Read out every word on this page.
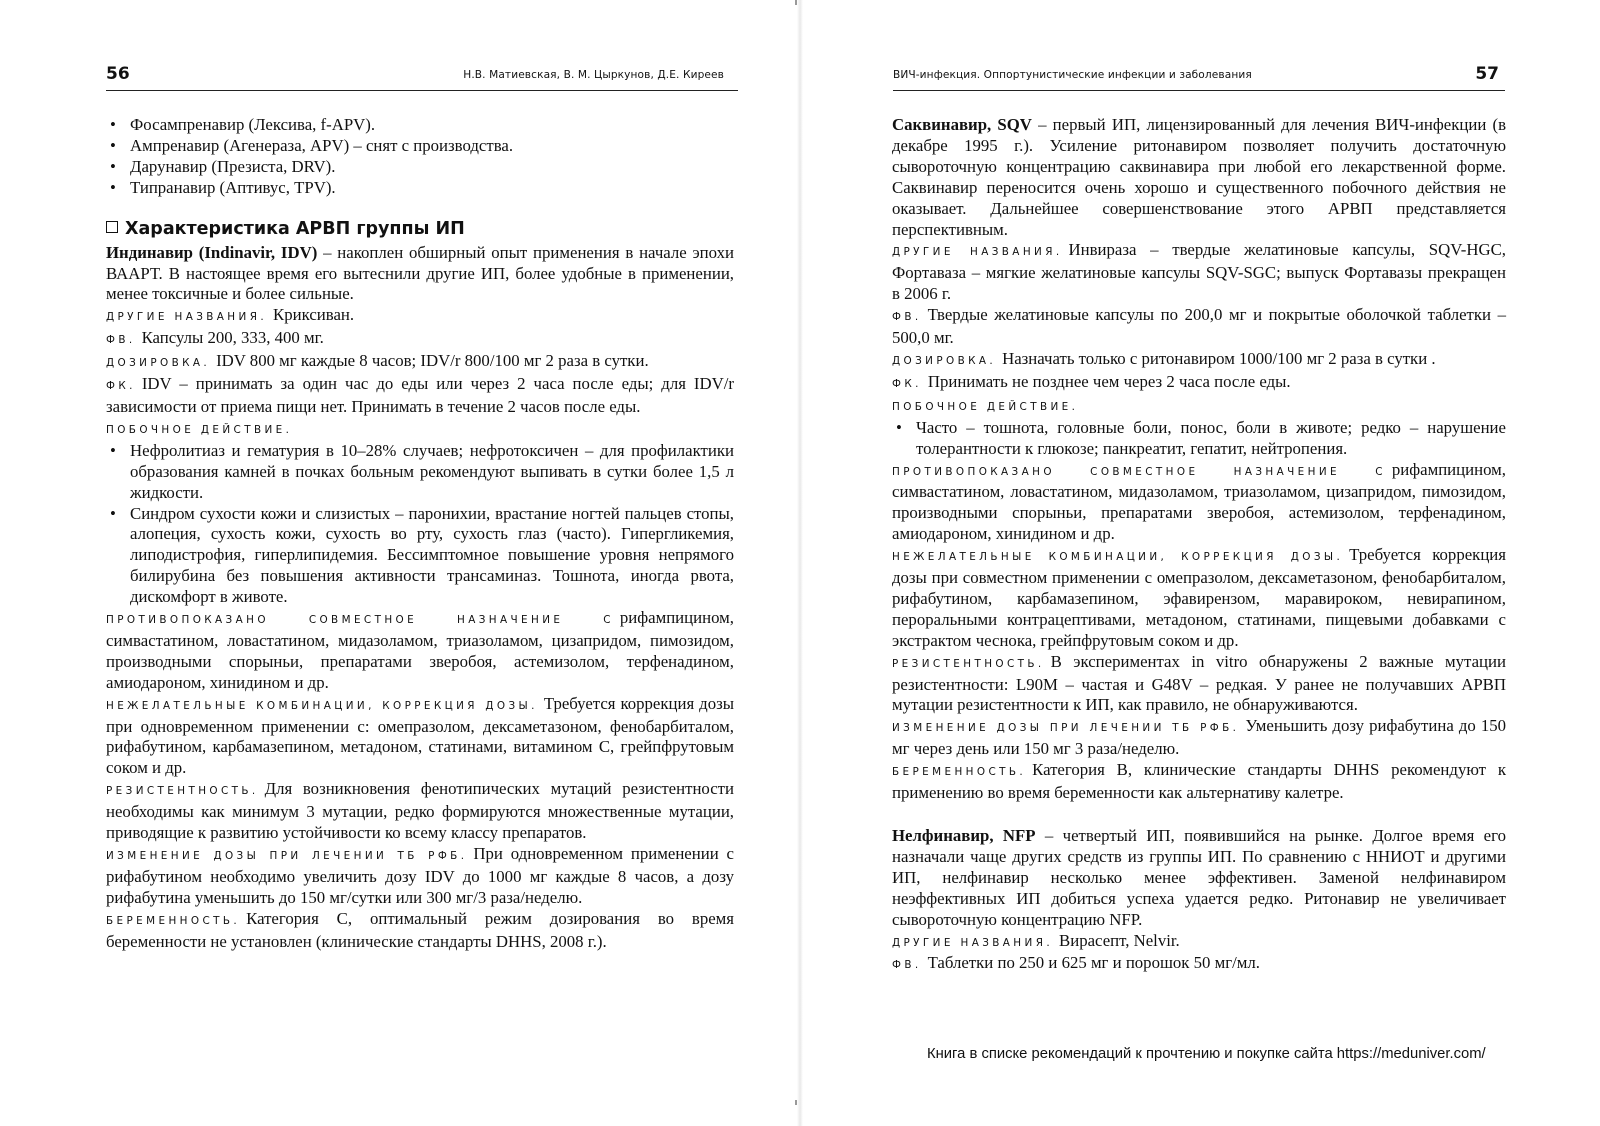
56	Н.В. Матиевская, В. М. Цыркунов, Д.Е. Киреев
• Фосампренавир (Лексива, f-APV).
• Ампренавир (Агенераза, APV) – снят с производства.
• Дарунавир (Презиста, DRV).
• Типранавир (Аптивус, TPV).
Характеристика АРВП группы ИП

Индинавир (Indinavir, IDV) – накоплен обширный опыт применения в начале эпохи ВААРТ. В настоящее время его вытеснили другие ИП, более удобные в применении, менее токсичные и более сильные.

ДРУГИЕ НАЗВАНИЯ. Криксиван.

ФВ. Капсулы 200, 333, 400 мг.

ДОЗИРОВКА. IDV 800 мг каждые 8 часов; IDV/r 800/100 мг 2 раза в сутки.

ФК. IDV – принимать за один час до еды или через 2 часа после еды; для IDV/r зависимости от приема пищи нет. Принимать в течение 2 часов после еды.

ПОБОЧНОЕ ДЕЙСТВИЕ.

• Нефролитиаз и гематурия в 10–28% случаев; нефротоксичен – для профилактики образования камней в почках больным рекомендуют выпивать в сутки более 1,5 л жидкости.
• Синдром сухости кожи и слизистых – паронихии, врастание ногтей пальцев стопы, алопеция, сухость кожи, сухость во рту, сухость глаз (часто). Гипергликемия, липодистрофия, гиперлипидемия. Бессимптомное повышение уровня непрямого билирубина без повышения активности трансаминаз. Тошнота, иногда рвота, дискомфорт в животе.

ПРОТИВОПОКАЗАНО СОВМЕСТНОЕ НАЗНАЧЕНИЕ С рифампицином, симвастатином, ловастатином, мидазоламом, триазоламом, цизапридом, пимозидом, производными спорыньи, препаратами зверобоя, астемизолом, терфенадином, амиодароном, хинидином и др.

НЕЖЕЛАТЕЛЬНЫЕ КОМБИНАЦИИ, КОРРЕКЦИЯ ДОЗЫ. Требуется коррекция дозы при одновременном применении с: омепразолом, дексаметазоном, фенобарбиталом, рифабутином, карбамазепином, метадоном, статинами, витамином С, грейпфрутовым соком и др.

РЕЗИСТЕНТНОСТЬ. Для возникновения фенотипических мутаций резистентности необходимы как минимум 3 мутации, редко формируются множественные мутации, приводящие к развитию устойчивости ко всему классу препаратов.

ИЗМЕНЕНИЕ ДОЗЫ ПРИ ЛЕЧЕНИИ ТБ РФБ. При одновременном применении с рифабутином необходимо увеличить дозу IDV до 1000 мг каждые 8 часов, а дозу рифабутина уменьшить до 150 мг/сутки или 300 мг/3 раза/неделю.

БЕРЕМЕННОСТЬ. Категория С, оптимальный режим дозирования во время беременности не установлен (клинические стандарты DHHS, 2008 г.).

ВИЧ-инфекция. Оппортунистические инфекции и заболевания	57

Саквинавир, SQV – первый ИП, лицензированный для лечения ВИЧ-инфекции (в декабре 1995 г.). Усиление ритонавиром позволяет получить достаточную сывороточную концентрацию саквинавира при любой его лекарственной форме. Саквинавир переносится очень хорошо и существенного побочного действия не оказывает. Дальнейшее совершенствование этого АРВП представляется перспективным.

ДРУГИЕ НАЗВАНИЯ. Инвираза – твердые желатиновые капсулы, SQV-HGC, Фортаваза – мягкие желатиновые капсулы SQV-SGC; выпуск Фортавазы прекращен в 2006 г.

ФВ. Твердые желатиновые капсулы по 200,0 мг и покрытые оболочкой таблетки – 500,0 мг.

ДОЗИРОВКА. Назначать только с ритонавиром 1000/100 мг 2 раза в сутки .

ФК. Принимать не позднее чем через 2 часа после еды.

ПОБОЧНОЕ ДЕЙСТВИЕ.

• Часто – тошнота, головные боли, понос, боли в животе; редко – нарушение толерантности к глюкозе; панкреатит, гепатит, нейтропения.

ПРОТИВОПОКАЗАНО СОВМЕСТНОЕ НАЗНАЧЕНИЕ С рифампицином, симвастатином, ловастатином, мидазоламом, триазоламом, цизапридом, пимозидом, производными спорыньи, препаратами зверобоя, астемизолом, терфенадином, амиодароном, хинидином и др.

НЕЖЕЛАТЕЛЬНЫЕ КОМБИНАЦИИ, КОРРЕКЦИЯ ДОЗЫ. Требуется коррекция дозы при совместном применении с омепразолом, дексаметазоном, фенобарбиталом, рифабутином, карбамазепином, эфавирензом, маравироком, невирапином, пероральными контрацептивами, метадоном, статинами, пищевыми добавками с экстрактом чеснока, грейпфрутовым соком и др.

РЕЗИСТЕНТНОСТЬ. В экспериментах in vitro обнаружены 2 важные мутации резистентности: L90M – частая и G48V – редкая. У ранее не получавших АРВП мутации резистентности к ИП, как правило, не обнаруживаются.

ИЗМЕНЕНИЕ ДОЗЫ ПРИ ЛЕЧЕНИИ ТБ РФБ. Уменьшить дозу рифабутина до 150 мг через день или 150 мг 3 раза/неделю.

БЕРЕМЕННОСТЬ. Категория В, клинические стандарты DHHS рекомендуют к применению во время беременности как альтернативу калетре.

Нелфинавир, NFP – четвертый ИП, появившийся на рынке. Долгое время его назначали чаще других средств из группы ИП. По сравнению с ННИОТ и другими ИП, нелфинавир несколько менее эффективен. Заменой нелфинавиром неэффективных ИП добиться успеха удается редко. Ритонавир не увеличивает сывороточную концентрацию NFP.

ДРУГИЕ НАЗВАНИЯ. Вирасепт, Nelvir.

ФВ. Таблетки по 250 и 625 мг и порошок 50 мг/мл.

Книга в списке рекомендаций к прочтению и покупке сайта https://meduniver.com/
